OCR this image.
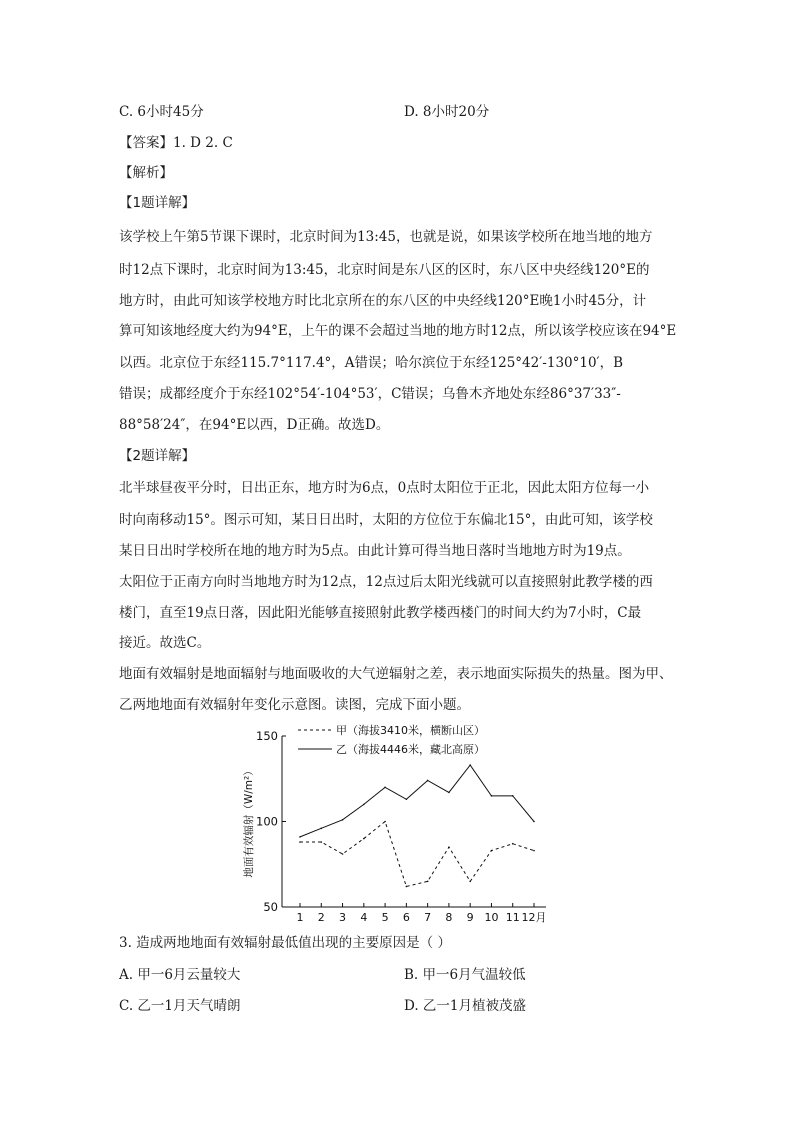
C. 6小时45分	D. 8小时20分
【答案】1. D 2. C
【解析】
【1题详解】
该学校上午第5节课下课时，北京时间为13:45，也就是说，如果该学校所在地当地的地方
时12点下课时，北京时间为13:45，北京时间是东八区的区时，东八区中央经线120°E的
地方时，由此可知该学校地方时比北京所在的东八区的中央经线120°E晚1小时45分，计
算可知该地经度大约为94°E，上午的课不会超过当地的地方时12点，所以该学校应该在94°E
以西。北京位于东经115.7°117.4°，A错误；哈尔滨位于东经125°42′-130°10′，B
错误；成都经度介于东经102°54′-104°53′，C错误；乌鲁木齐地处东经86°37′33″-
88°58′24″，在94°E以西，D正确。故选D。
【2题详解】
北半球昼夜平分时，日出正东，地方时为6点，0点时太阳位于正北，因此太阳方位每一小
时向南移动15°。图示可知，某日日出时，太阳的方位位于东偏北15°，由此可知，该学校
某日日出时学校所在地的地方时为5点。由此计算可得当地日落时当地地方时为19点。
太阳位于正南方向时当地地方时为12点，12点过后太阳光线就可以直接照射此教学楼的西
楼门，直至19点日落，因此阳光能够直接照射此教学楼西楼门的时间大约为7小时，C最
接近。故选C。
地面有效辐射是地面辐射与地面吸收的大气逆辐射之差，表示地面实际损失的热量。图为甲、
乙两地地面有效辐射年变化示意图。读图，完成下面小题。
50
100
150
1 2 3 4 5 6 7 8 9 10 11 12月
地面有效辐射（W/m²）
甲（海拔3410米，横断山区）
乙（海拔4446米，藏北高原）
3. 造成两地地面有效辐射最低值出现的主要原因是（ ）
A. 甲一6月云量较大	B. 甲一6月气温较低
C. 乙一1月天气晴朗	D. 乙一1月植被茂盛
